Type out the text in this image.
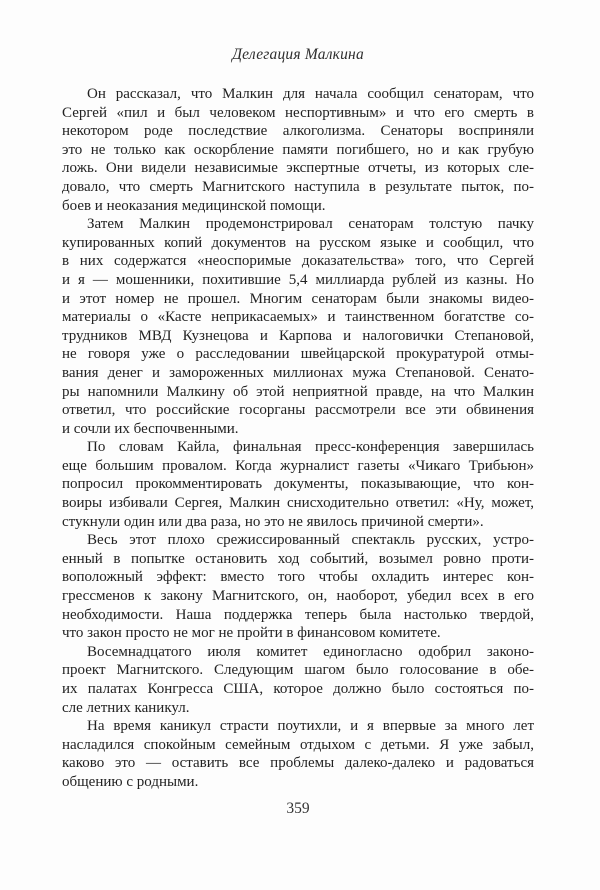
Делегация Малкина
Он рассказал, что Малкин для начала сообщил сенаторам, что
Сергей «пил и был человеком неспортивным» и что его смерть в
некотором роде последствие алкоголизма. Сенаторы восприняли
это не только как оскорбление памяти погибшего, но и как грубую
ложь. Они видели независимые экспертные отчеты, из которых сле-
довало, что смерть Магнитского наступила в результате пыток, по-
боев и неоказания медицинской помощи.
Затем Малкин продемонстрировал сенаторам толстую пачку
купированных копий документов на русском языке и сообщил, что
в них содержатся «неоспоримые доказательства» того, что Сергей
и я — мошенники, похитившие 5,4 миллиарда рублей из казны. Но
и этот номер не прошел. Многим сенаторам были знакомы видео-
материалы о «Касте неприкасаемых» и таинственном богатстве со-
трудников МВД Кузнецова и Карпова и налоговички Степановой,
не говоря уже о расследовании швейцарской прокуратурой отмы-
вания денег и замороженных миллионах мужа Степановой. Сенато-
ры напомнили Малкину об этой неприятной правде, на что Малкин
ответил, что российские госорганы рассмотрели все эти обвинения
и сочли их беспочвенными.
По словам Кайла, финальная пресс-конференция завершилась
еще большим провалом. Когда журналист газеты «Чикаго Трибьюн»
попросил прокомментировать документы, показывающие, что кон-
воиры избивали Сергея, Малкин снисходительно ответил: «Ну, может,
стукнули один или два раза, но это не явилось причиной смерти».
Весь этот плохо срежиссированный спектакль русских, устро-
енный в попытке остановить ход событий, возымел ровно проти-
воположный эффект: вместо того чтобы охладить интерес кон-
грессменов к закону Магнитского, он, наоборот, убедил всех в его
необходимости. Наша поддержка теперь была настолько твердой,
что закон просто не мог не пройти в финансовом комитете.
Восемнадцатого июля комитет единогласно одобрил законо-
проект Магнитского. Следующим шагом было голосование в обе-
их палатах Конгресса США, которое должно было состояться по-
сле летних каникул.
На время каникул страсти поутихли, и я впервые за много лет
насладился спокойным семейным отдыхом с детьми. Я уже забыл,
каково это — оставить все проблемы далеко-далеко и радоваться
общению с родными.
359
